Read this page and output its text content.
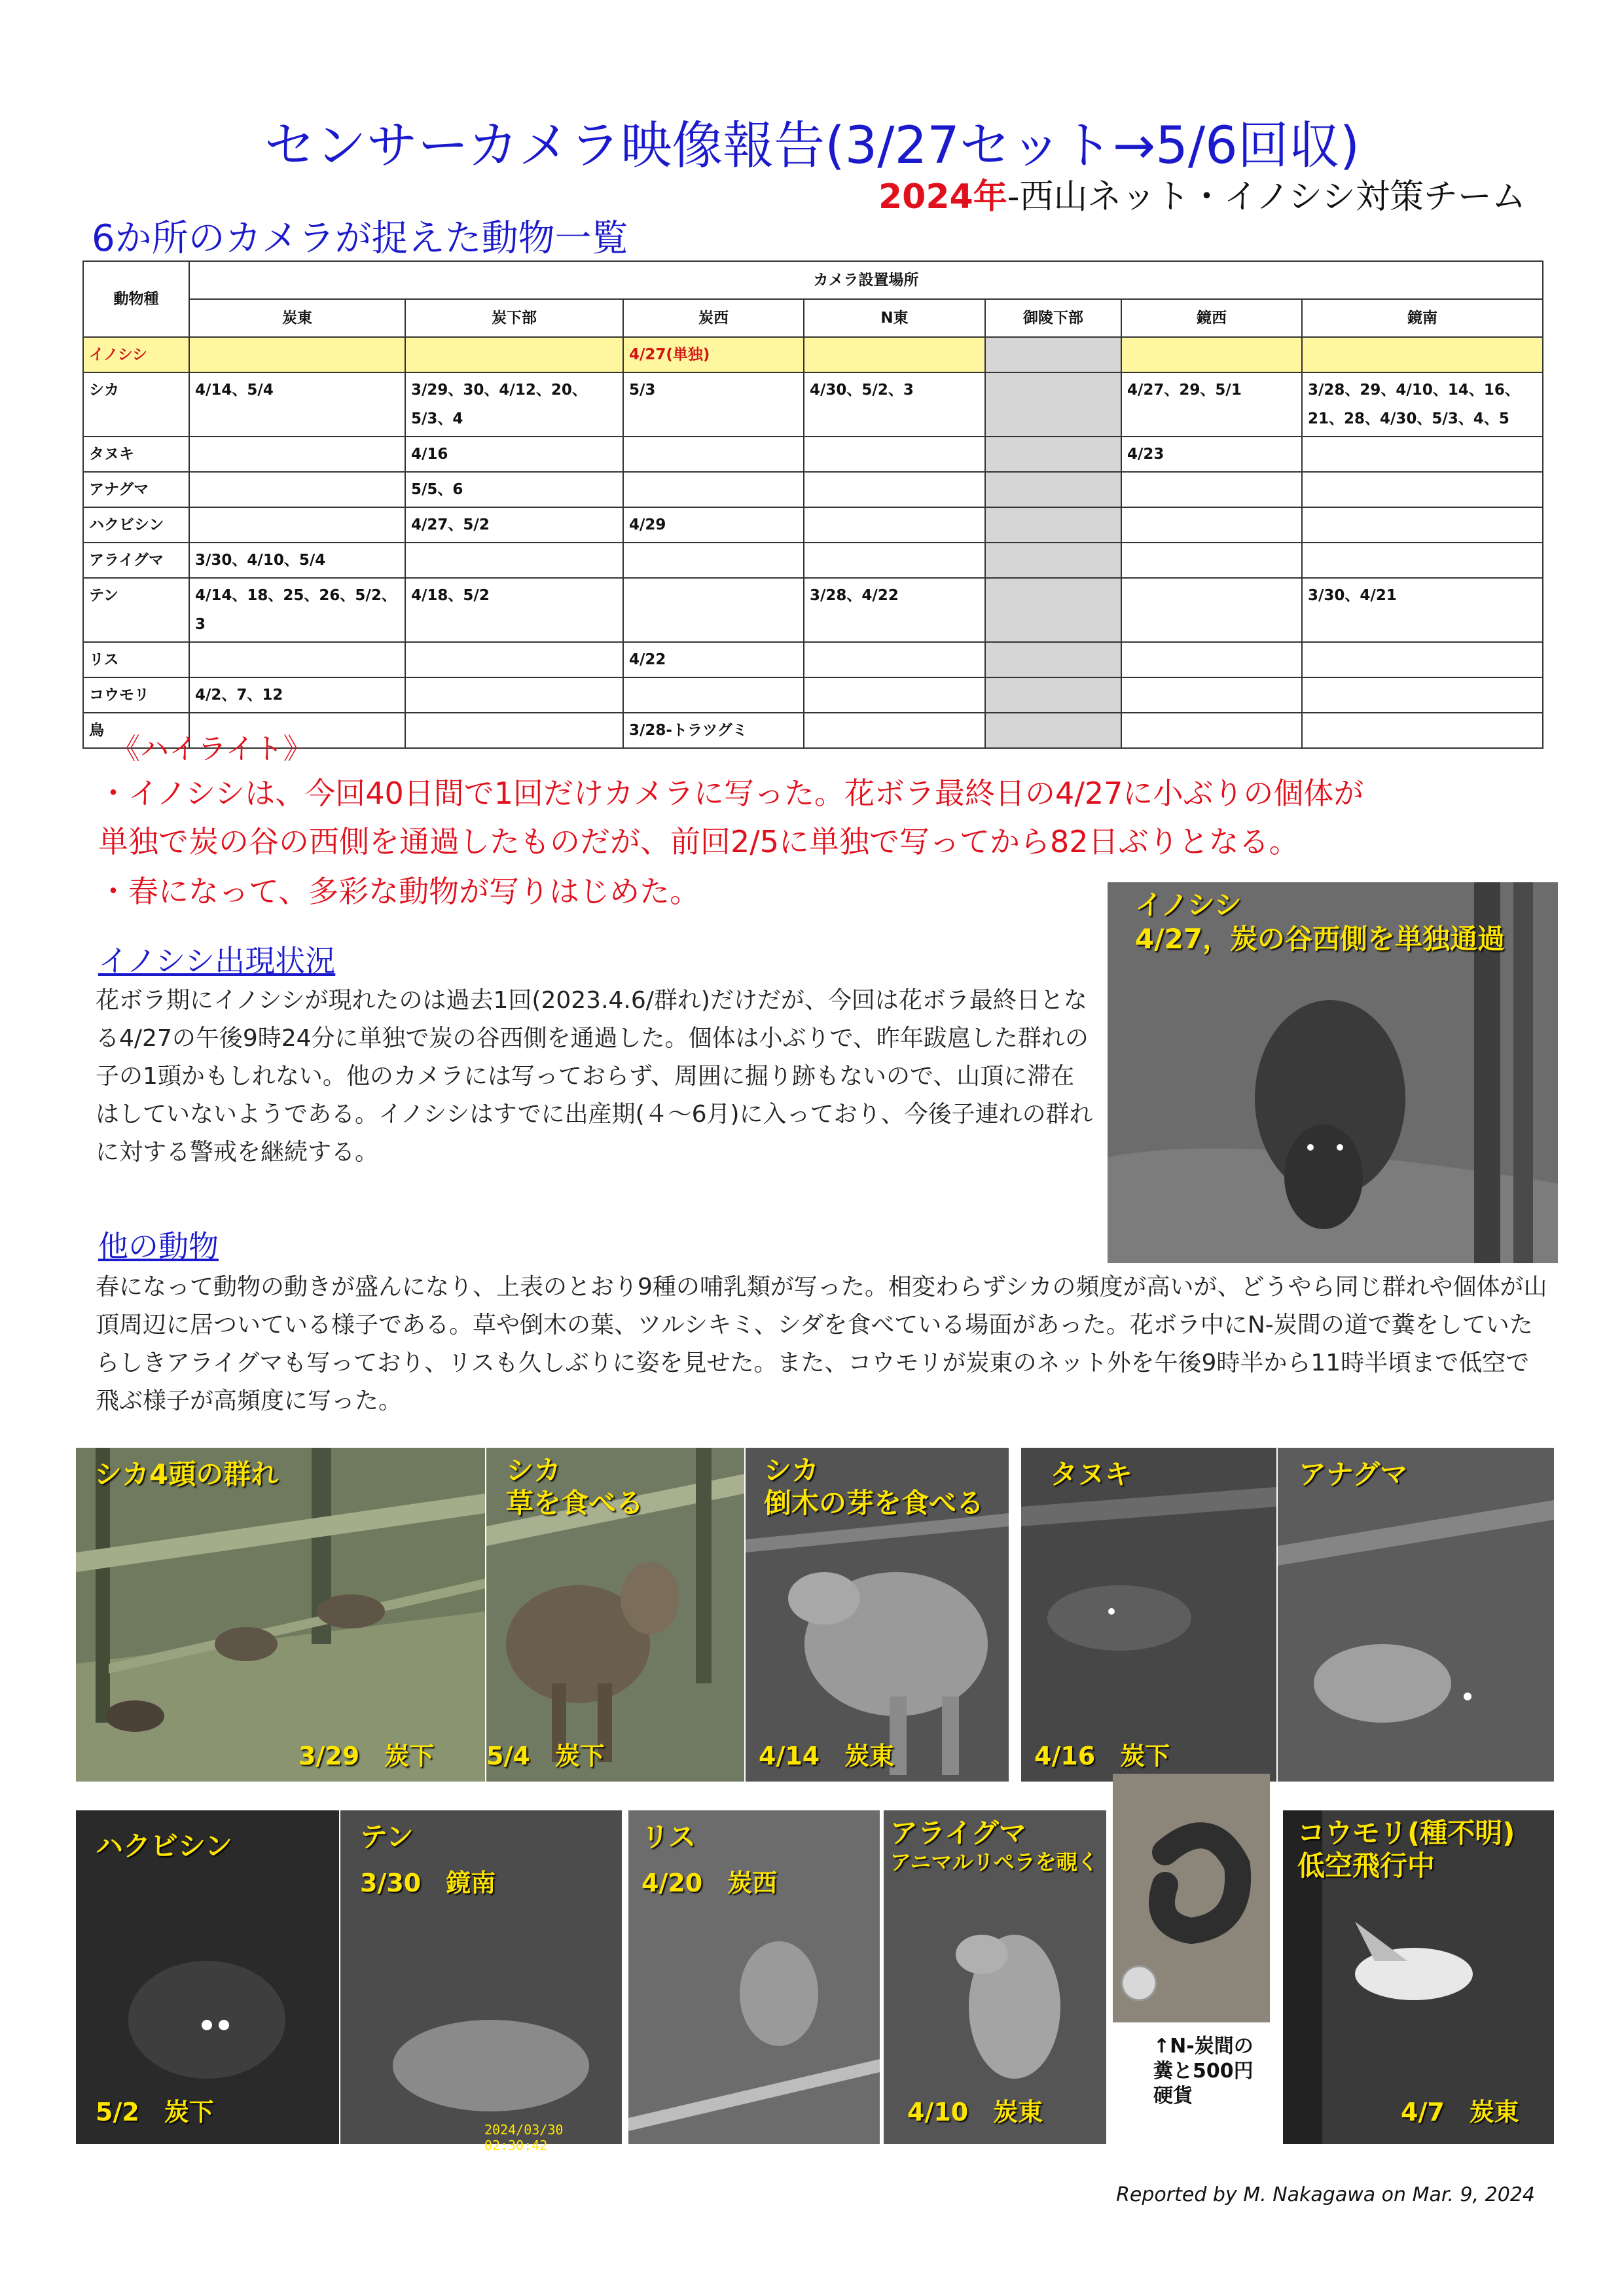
センサーカメラ映像報告(3/27セット→5/6回収)
2024年-西山ネット・イノシシ対策チーム
6か所のカメラが捉えた動物一覧
動物種	カメラ設置場所						
	炭東	炭下部	炭西	N東	御陵下部	鏡西	鏡南
イノシシ			4/27(単独)				
シカ	4/14、5/4	3/29、30、4/12、20、5/3、4	5/3	4/30、5/2、3		4/27、29、5/1	3/28、29、4/10、14、16、21、28、4/30、5/3、4、5
タヌキ		4/16				4/23	
アナグマ		5/5、6					
ハクビシン		4/27、5/2	4/29				
アライグマ	3/30、4/10、5/4						
テン	4/14、18、25、26、5/2、3	4/18、5/2		3/28、4/22			3/30、4/21
リス			4/22				
コウモリ	4/2、7、12						
鳥			3/28-トラツグミ				
《ハイライト》
・イノシシは、今回40日間で1回だけカメラに写った。花ボラ最終日の4/27に小ぶりの個体が
単独で炭の谷の西側を通過したものだが、前回2/5に単独で写ってから82日ぶりとなる。
・春になって、多彩な動物が写りはじめた。
イノシシ出現状況
花ボラ期にイノシシが現れたのは過去1回(2023.4.6/群れ)だけだが、今回は花ボラ最終日となる4/27の午後9時24分に単独で炭の谷西側を通過した。個体は小ぶりで、昨年跋扈した群れの子の1頭かもしれない。他のカメラには写っておらず、周囲に掘り跡もないので、山頂に滞在はしていないようである。イノシシはすでに出産期(４～6月)に入っており、今後子連れの群れに対する警戒を継続する。
イノシシ
4/27，炭の谷西側を単独通過
他の動物
春になって動物の動きが盛んになり、上表のとおり9種の哺乳類が写った。相変わらずシカの頻度が高いが、どうやら同じ群れや個体が山頂周辺に居ついている様子である。草や倒木の葉、ツルシキミ、シダを食べている場面があった。花ボラ中にN-炭間の道で糞をしていたらしきアライグマも写っており、リスも久しぶりに姿を見せた。また、コウモリが炭東のネット外を午後9時半から11時半頃まで低空で飛ぶ様子が高頻度に写った。
シカ4頭の群れ
3/29　炭下
シカ
草を食べる
5/4　炭下
シカ
倒木の芽を食べる
4/14　炭東
タヌキ
4/16　炭下
アナグマ
ハクビシン
5/2　炭下
テン
3/30　鏡南
2024/03/30 02:30:42
リス
4/20　炭西
アライグマ
アニマルリペラを覗く
4/10　炭東
↑N-炭間の
糞と500円
硬貨
コウモリ(種不明)
低空飛行中
4/7　炭東
Reported by M. Nakagawa on Mar. 9, 2024
